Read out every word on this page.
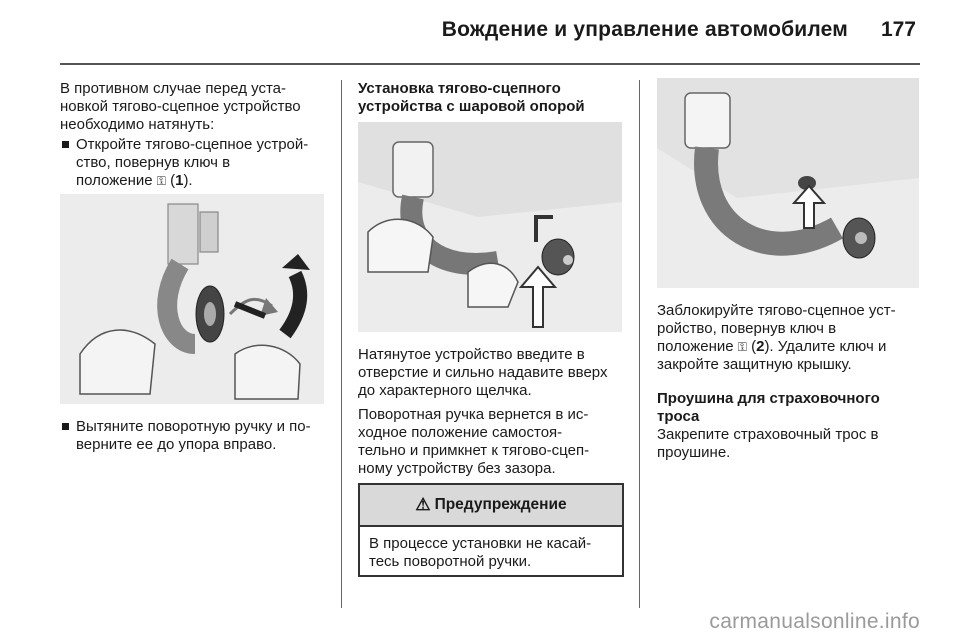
Вождение и управление автомобилем 177

В противном случае перед уста-
новкой тягово-сцепное устройство
необходимо натянуть:

Откройте тягово-сцепное устрой-
ство, повернув ключ в
положение ⚿ (1).
Вытяните поворотную ручку и по-
верните ее до упора вправо.

Установка тягово-сцепного
устройства с шаровой опорой

Натянутое устройство введите в
отверстие и сильно надавите вверх
до характерного щелчка.

Поворотная ручка вернется в ис-
ходное положение самостоя-
тельно и примкнет к тягово-сцеп-
ному устройству без зазора.

⚠ Предупреждение
В процессе установки не касай-
тесь поворотной ручки.

Заблокируйте тягово-сцепное уст-
ройство, повернув ключ в
положение ⚿ (2). Удалите ключ и
закройте защитную крышку.

Проушина для страховочного
троса

Закрепите страховочный трос в
проушине.

carmanualsonline.info
